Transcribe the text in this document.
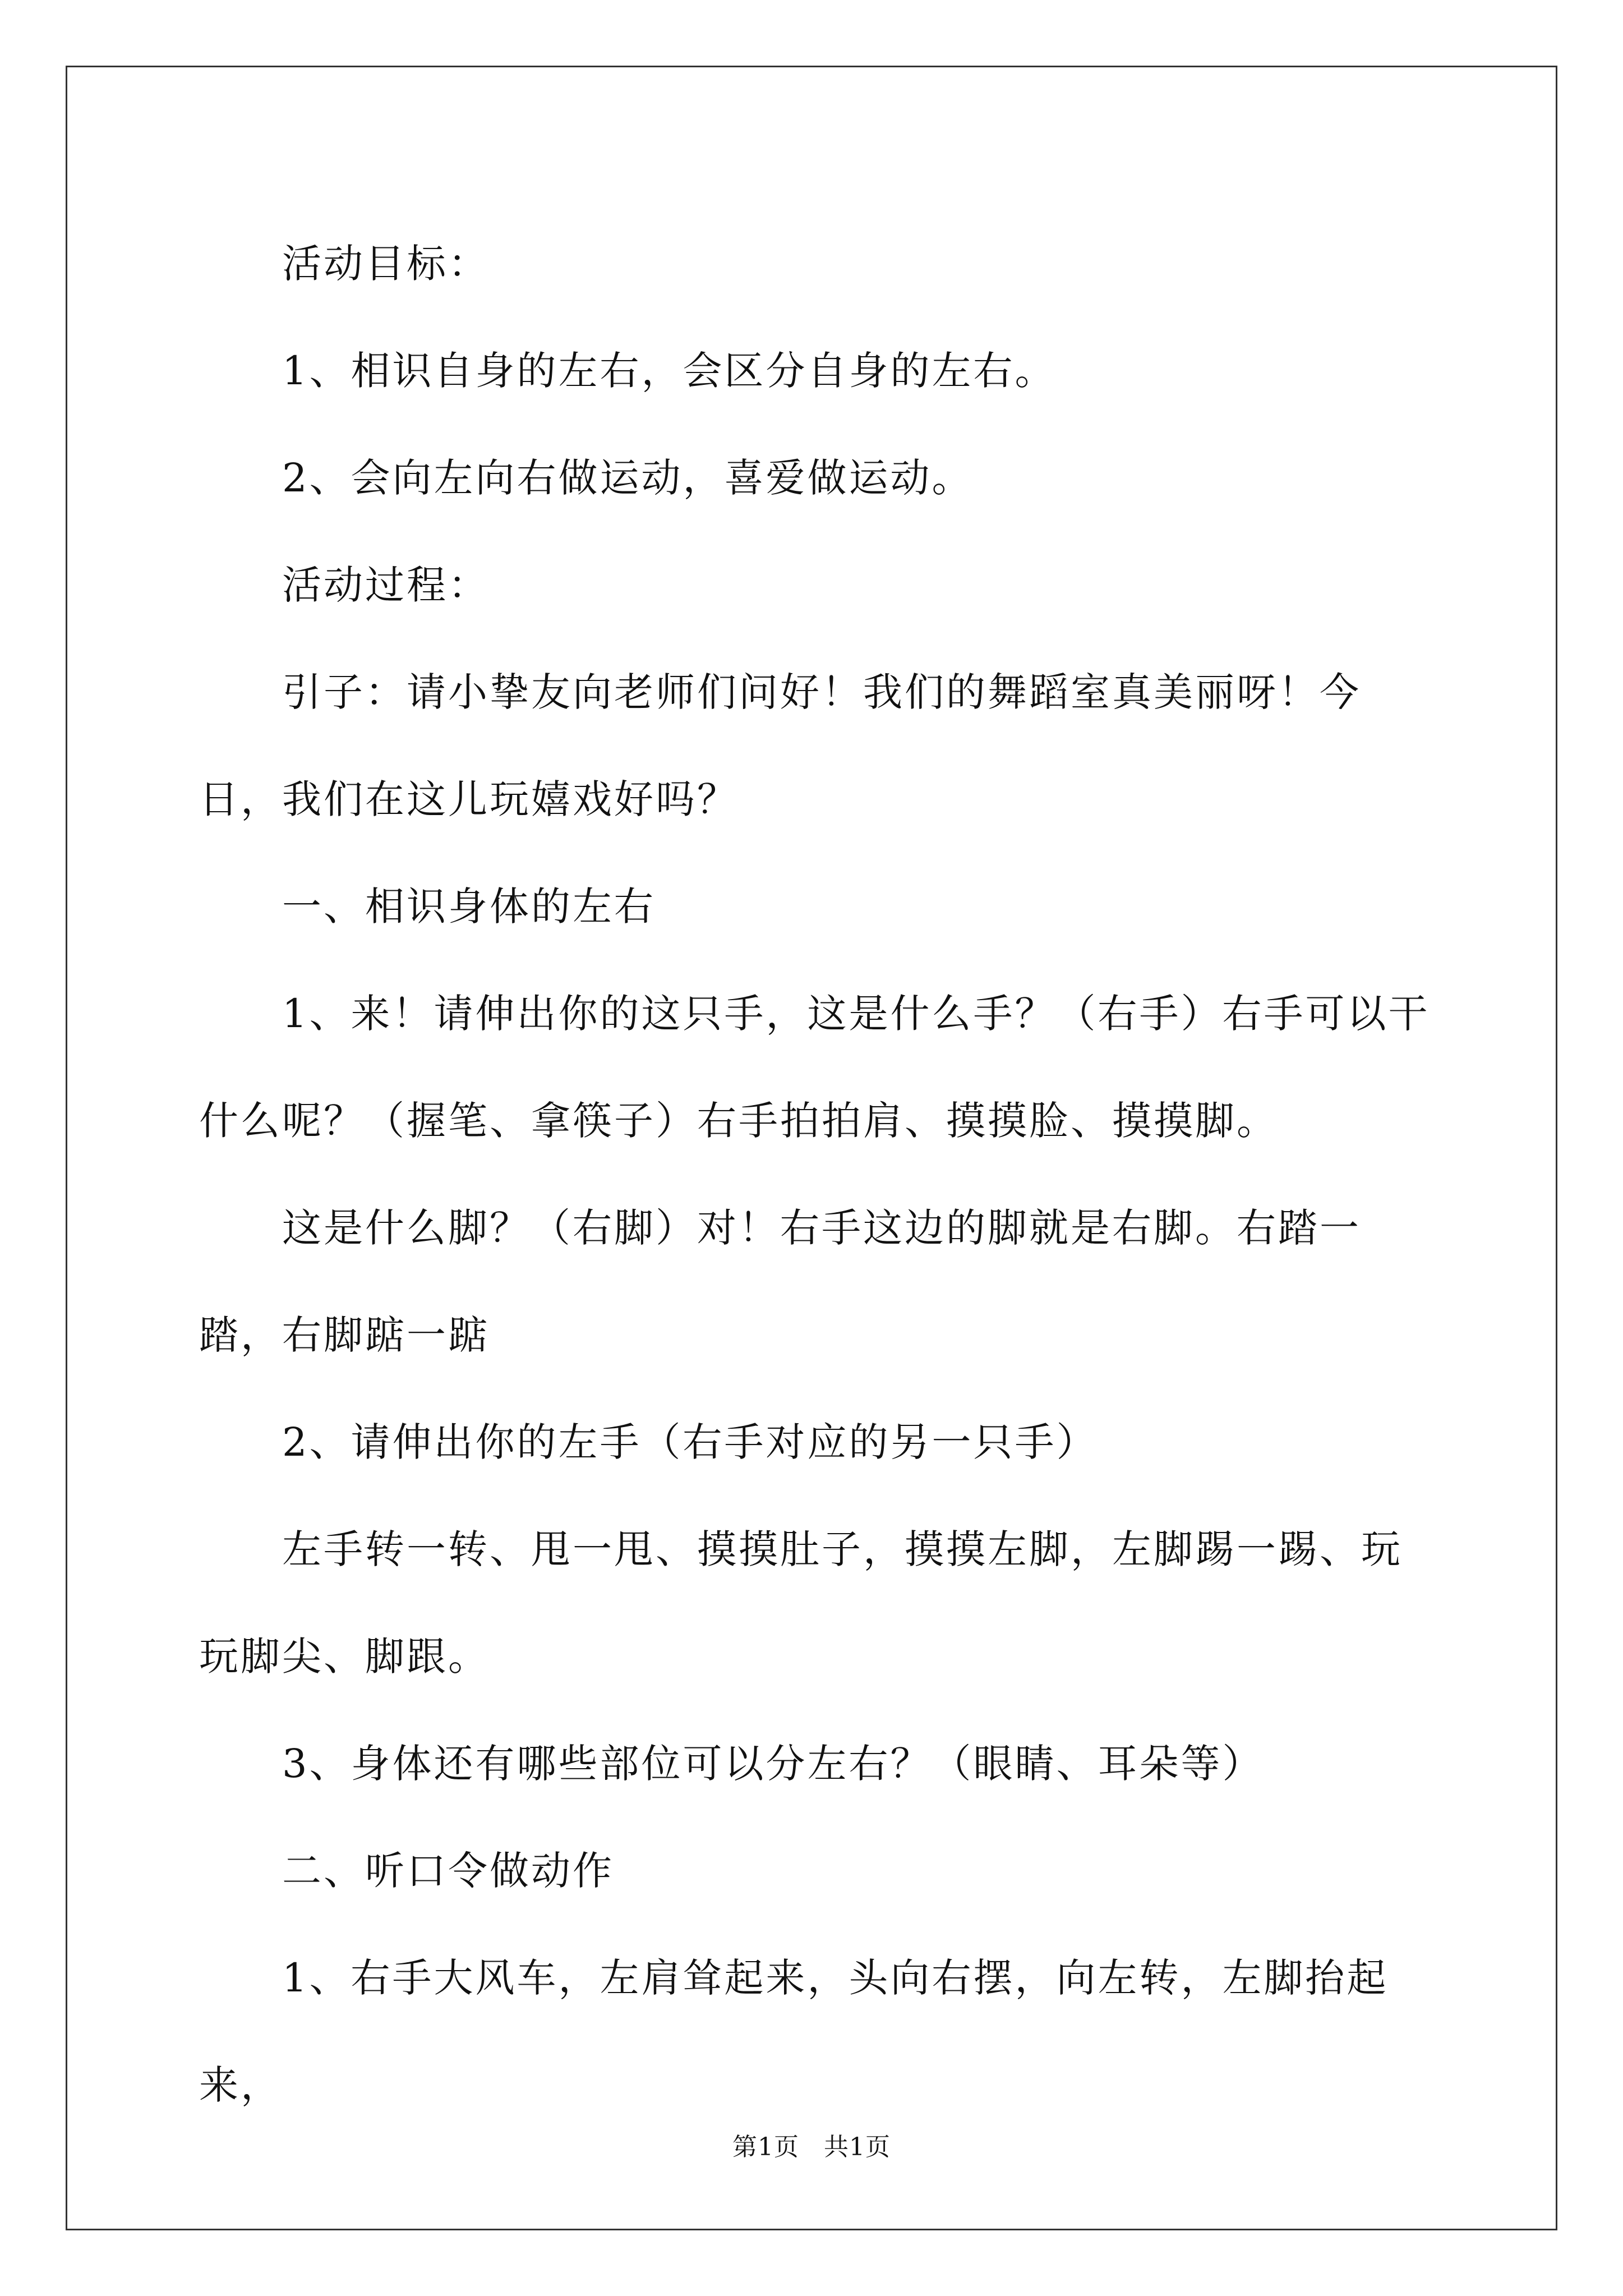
活动目标：

1、相识自身的左右，会区分自身的左右。

2、会向左向右做运动，喜爱做运动。

活动过程：

引子：请小挚友向老师们问好！我们的舞蹈室真美丽呀！今日，我们在这儿玩嬉戏好吗？

一、相识身体的左右

1、来！请伸出你的这只手，这是什么手？（右手）右手可以干什么呢？（握笔、拿筷子）右手拍拍肩、摸摸脸、摸摸脚。

这是什么脚？（右脚）对！右手这边的脚就是右脚。右踏一踏，右脚踮一踮

2、请伸出你的左手（右手对应的另一只手）

左手转一转、甩一甩、摸摸肚子，摸摸左脚，左脚踢一踢、玩玩脚尖、脚跟。

3、身体还有哪些部位可以分左右？（眼睛、耳朵等）

二、听口令做动作

1、右手大风车，左肩耸起来，头向右摆，向左转，左脚抬起来，

第1页 共1页
